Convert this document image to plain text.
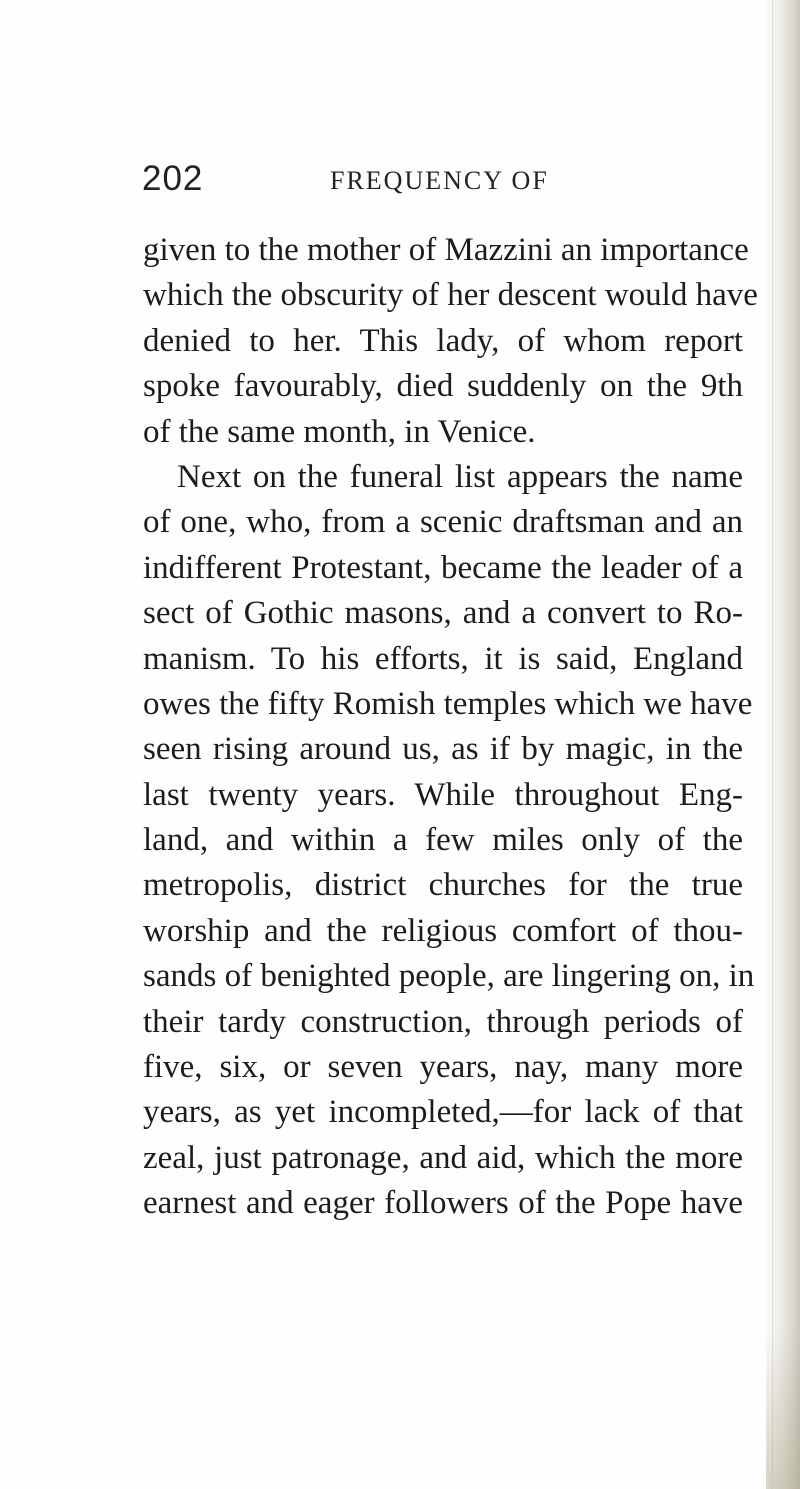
202	FREQUENCY OF
given to the mother of Mazzini an importance
which the obscurity of her descent would have
denied to her. This lady, of whom report
spoke favourably, died suddenly on the 9th
of the same month, in Venice.
Next on the funeral list appears the name
of one, who, from a scenic draftsman and an
indifferent Protestant, became the leader of a
sect of Gothic masons, and a convert to Ro-
manism. To his efforts, it is said, England
owes the fifty Romish temples which we have
seen rising around us, as if by magic, in the
last twenty years. While throughout Eng-
land, and within a few miles only of the
metropolis, district churches for the true
worship and the religious comfort of thou-
sands of benighted people, are lingering on, in
their tardy construction, through periods of
five, six, or seven years, nay, many more
years, as yet incompleted,—for lack of that
zeal, just patronage, and aid, which the more
earnest and eager followers of the Pope have
